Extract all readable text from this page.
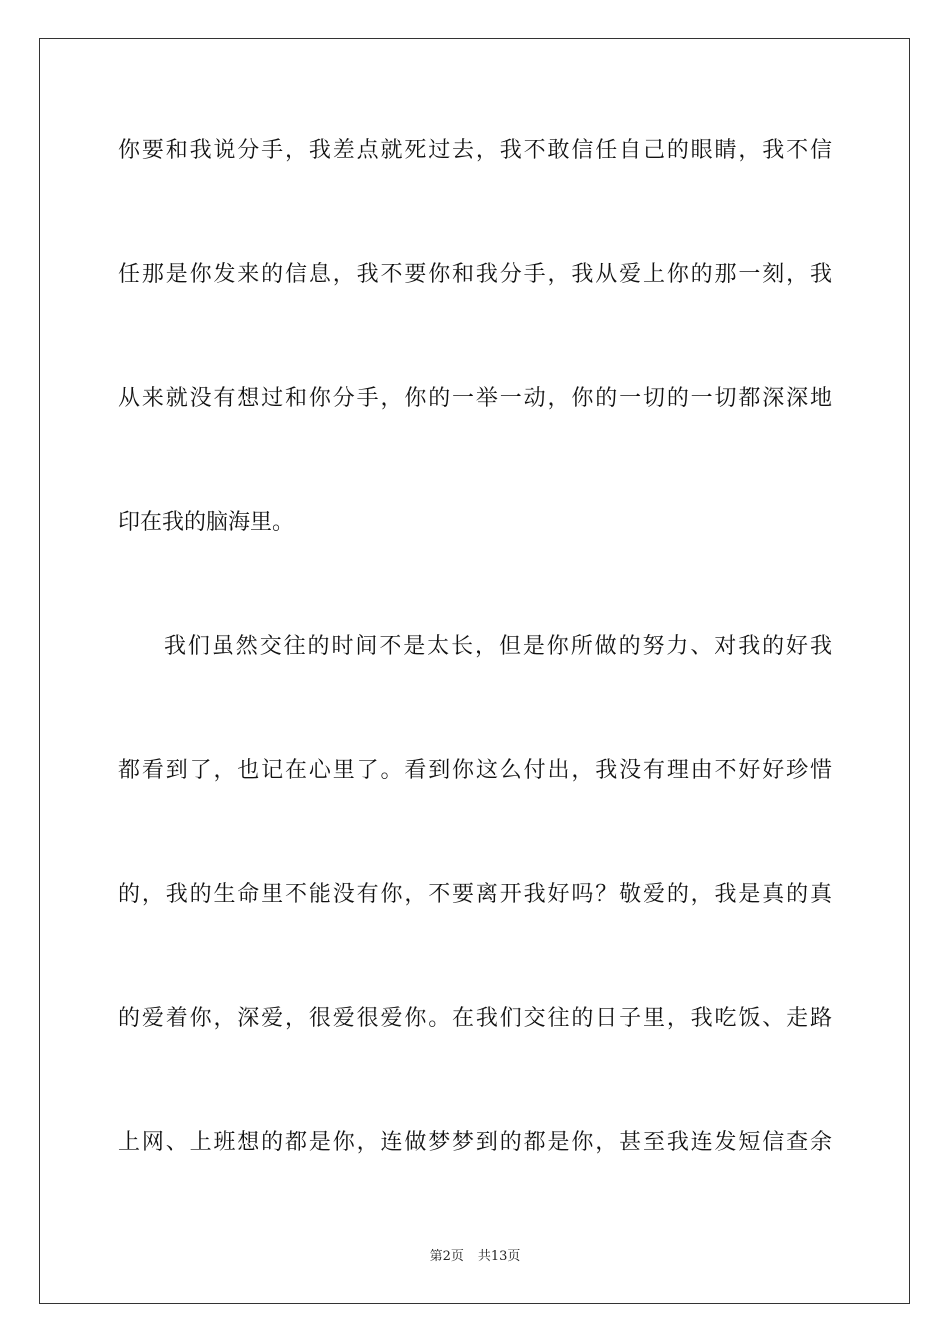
你要和我说分手，我差点就死过去，我不敢信任自己的眼睛，我不信
任那是你发来的信息，我不要你和我分手，我从爱上你的那一刻，我
从来就没有想过和你分手，你的一举一动，你的一切的一切都深深地
印在我的脑海里。
我们虽然交往的时间不是太长，但是你所做的努力、对我的好我
都看到了，也记在心里了。看到你这么付出，我没有理由不好好珍惜
的，我的生命里不能没有你，不要离开我好吗？敬爱的，我是真的真
的爱着你，深爱，很爱很爱你。在我们交往的日子里，我吃饭、走路
上网、上班想的都是你，连做梦梦到的都是你，甚至我连发短信查余
第2页 共13页
